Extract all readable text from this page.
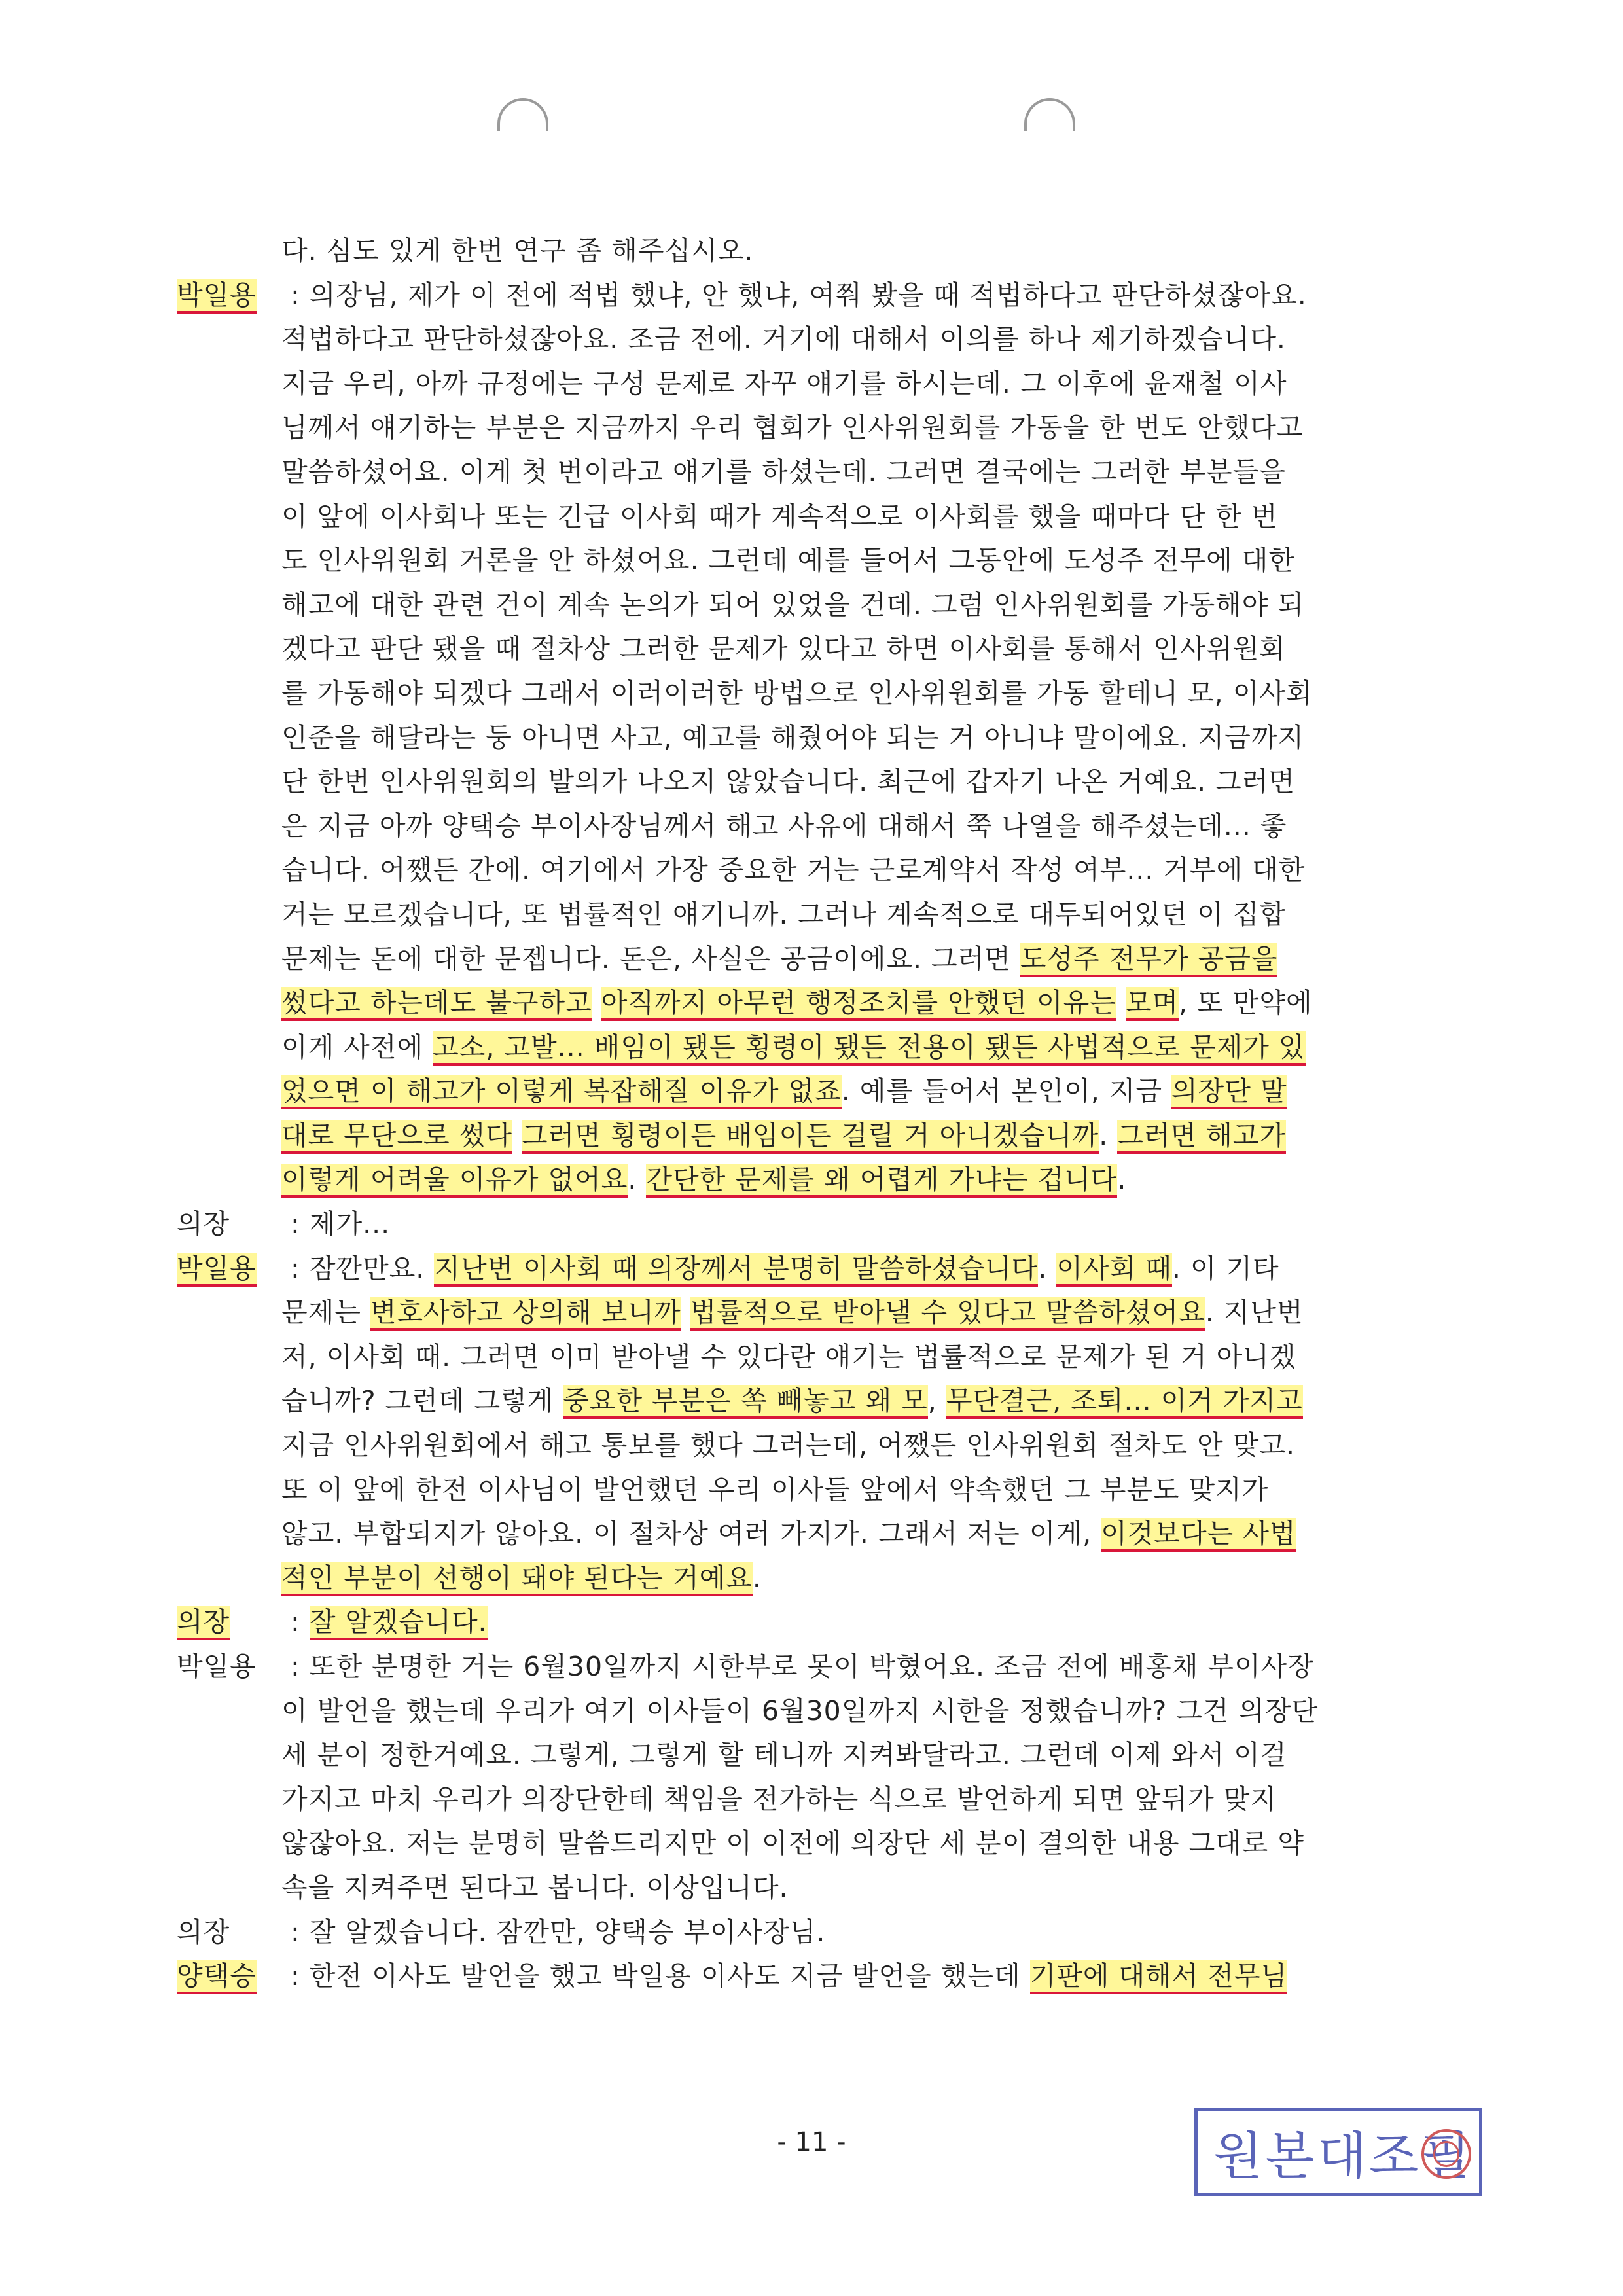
다. 심도 있게 한번 연구 좀 해주십시오.
박일용 : 의장님, 제가 이 전에 적법 했냐, 안 했냐, 여쭤 봤을 때 적법하다고 판단하셨잖아요.
적법하다고 판단하셨잖아요. 조금 전에. 거기에 대해서 이의를 하나 제기하겠습니다.
지금 우리, 아까 규정에는 구성 문제로 자꾸 얘기를 하시는데. 그 이후에 윤재철 이사
님께서 얘기하는 부분은 지금까지 우리 협회가 인사위원회를 가동을 한 번도 안했다고
말씀하셨어요. 이게 첫 번이라고 얘기를 하셨는데. 그러면 결국에는 그러한 부분들을
이 앞에 이사회나 또는 긴급 이사회 때가 계속적으로 이사회를 했을 때마다 단 한 번
도 인사위원회 거론을 안 하셨어요. 그런데 예를 들어서 그동안에 도성주 전무에 대한
해고에 대한 관련 건이 계속 논의가 되어 있었을 건데. 그럼 인사위원회를 가동해야 되
겠다고 판단 됐을 때 절차상 그러한 문제가 있다고 하면 이사회를 통해서 인사위원회
를 가동해야 되겠다 그래서 이러이러한 방법으로 인사위원회를 가동 할테니 모, 이사회
인준을 해달라는 둥 아니면 사고, 예고를 해줬어야 되는 거 아니냐 말이에요. 지금까지
단 한번 인사위원회의 발의가 나오지 않았습니다. 최근에 갑자기 나온 거예요. 그러면
은 지금 아까 양택승 부이사장님께서 해고 사유에 대해서 쭉 나열을 해주셨는데... 좋
습니다. 어쨌든 간에. 여기에서 가장 중요한 거는 근로계약서 작성 여부... 거부에 대한
거는 모르겠습니다, 또 법률적인 얘기니까. 그러나 계속적으로 대두되어있던 이 집합
문제는 돈에 대한 문젭니다. 돈은, 사실은 공금이에요. 그러면 도성주 전무가 공금을
썼다고 하는데도 불구하고 아직까지 아무런 행정조치를 안했던 이유는 모며, 또 만약에
이게 사전에 고소, 고발... 배임이 됐든 횡령이 됐든 전용이 됐든 사법적으로 문제가 있
었으면 이 해고가 이렇게 복잡해질 이유가 없죠. 예를 들어서 본인이, 지금 의장단 말
대로 무단으로 썼다 그러면 횡령이든 배임이든 걸릴 거 아니겠습니까. 그러면 해고가
이렇게 어려울 이유가 없어요. 간단한 문제를 왜 어렵게 가냐는 겁니다.
의장 : 제가...
박일용 : 잠깐만요. 지난번 이사회 때 의장께서 분명히 말씀하셨습니다. 이사회 때. 이 기타
문제는 변호사하고 상의해 보니까 법률적으로 받아낼 수 있다고 말씀하셨어요. 지난번
저, 이사회 때. 그러면 이미 받아낼 수 있다란 얘기는 법률적으로 문제가 된 거 아니겠
습니까? 그런데 그렇게 중요한 부분은 쏙 빼놓고 왜 모, 무단결근, 조퇴... 이거 가지고
지금 인사위원회에서 해고 통보를 했다 그러는데, 어쨌든 인사위원회 절차도 안 맞고.
또 이 앞에 한전 이사님이 발언했던 우리 이사들 앞에서 약속했던 그 부분도 맞지가
않고. 부합되지가 않아요. 이 절차상 여러 가지가. 그래서 저는 이게, 이것보다는 사법
적인 부분이 선행이 돼야 된다는 거예요.
의장 : 잘 알겠습니다.
박일용 : 또한 분명한 거는 6월30일까지 시한부로 못이 박혔어요. 조금 전에 배홍채 부이사장
이 발언을 했는데 우리가 여기 이사들이 6월30일까지 시한을 정했습니까? 그건 의장단
세 분이 정한거예요. 그렇게, 그렇게 할 테니까 지켜봐달라고. 그런데 이제 와서 이걸
가지고 마치 우리가 의장단한테 책임을 전가하는 식으로 발언하게 되면 앞뒤가 맞지
않잖아요. 저는 분명히 말씀드리지만 이 이전에 의장단 세 분이 결의한 내용 그대로 약
속을 지켜주면 된다고 봅니다. 이상입니다.
의장 : 잘 알겠습니다. 잠깐만, 양택승 부이사장님.
양택승 : 한전 이사도 발언을 했고 박일용 이사도 지금 발언을 했는데 기판에 대해서 전무님
- 11 -	원본대조필
